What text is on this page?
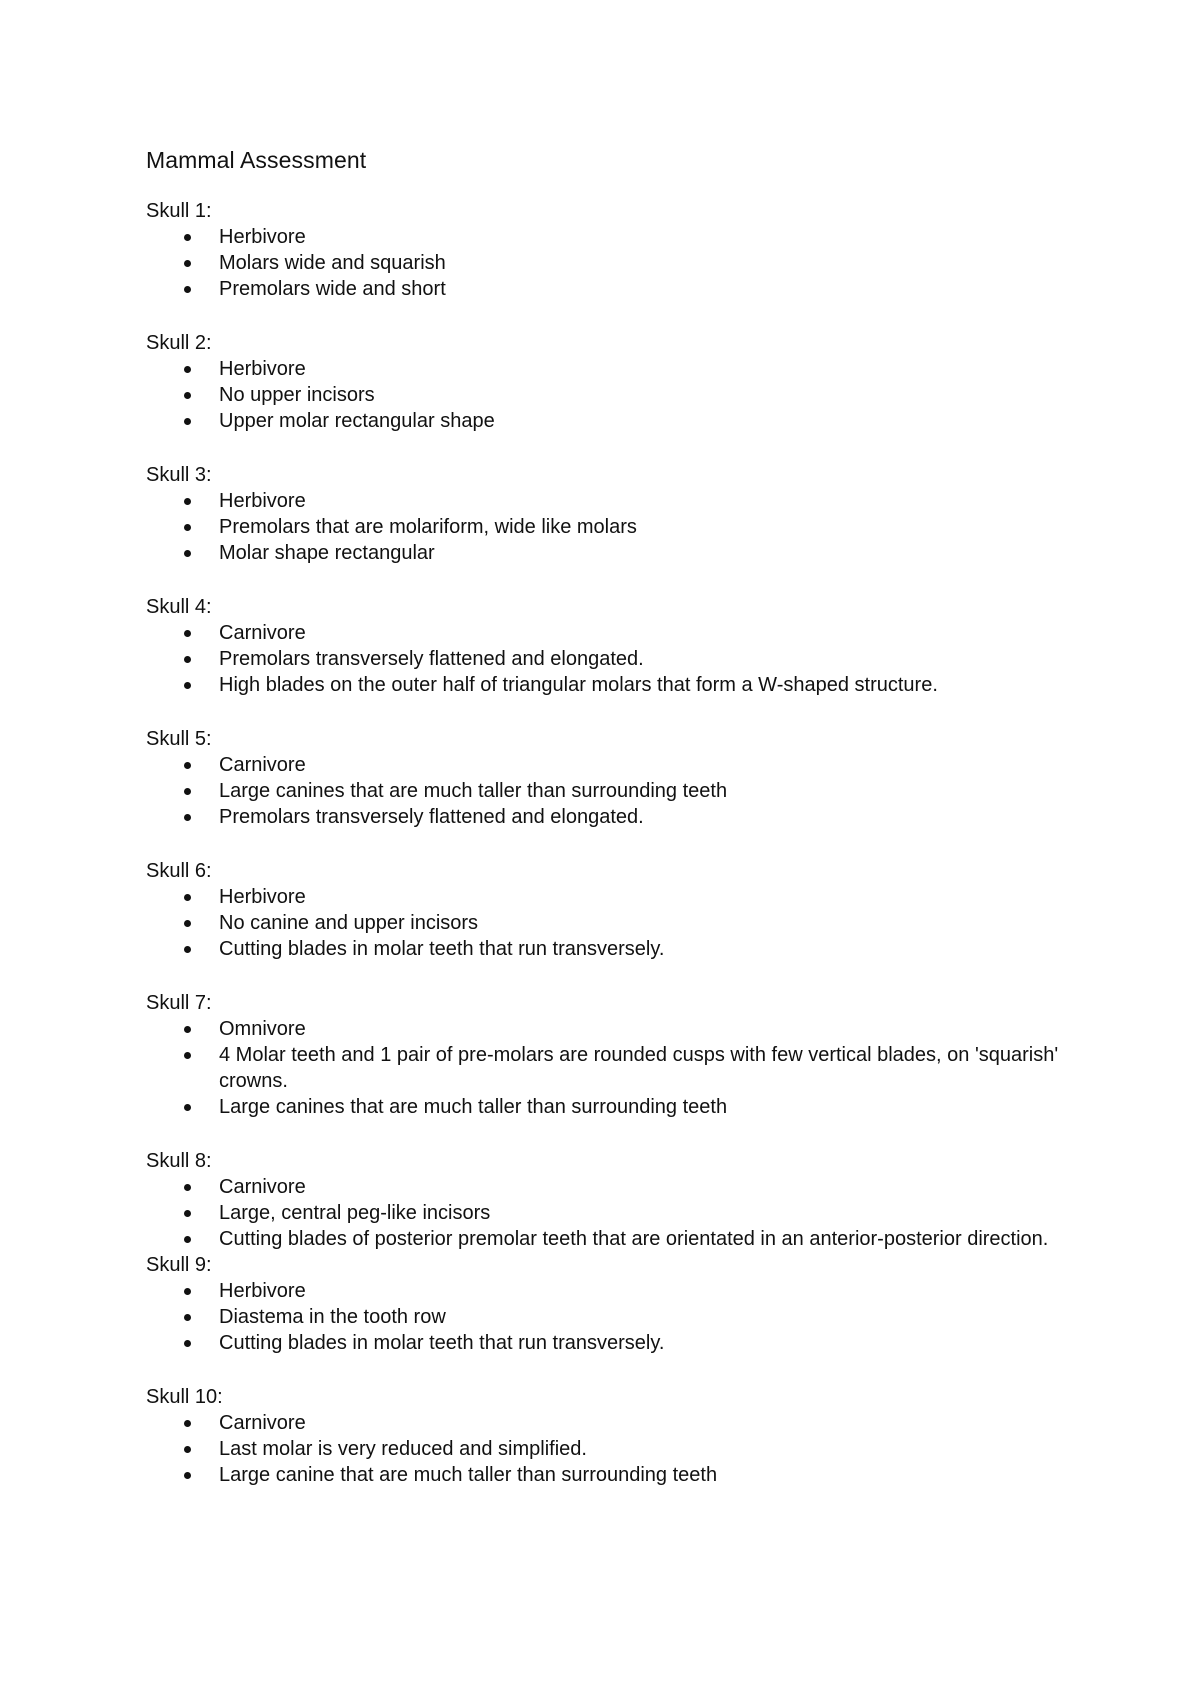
Mammal Assessment
Skull 1:
Herbivore
Molars wide and squarish
Premolars wide and short
Skull 2:
Herbivore
No upper incisors
Upper molar rectangular shape
Skull 3:
Herbivore
Premolars that are molariform, wide like molars
Molar shape rectangular
Skull 4:
Carnivore
Premolars transversely flattened and elongated.
High blades on the outer half of triangular molars that form a W-shaped structure.
Skull 5:
Carnivore
Large canines that are much taller than surrounding teeth
Premolars transversely flattened and elongated.
Skull 6:
Herbivore
No canine and upper incisors
Cutting blades in molar teeth that run transversely.
Skull 7:
Omnivore
4 Molar teeth and 1 pair of pre-molars are rounded cusps with few vertical blades, on 'squarish' crowns.
Large canines that are much taller than surrounding teeth
Skull 8:
Carnivore
Large, central peg-like incisors
Cutting blades of posterior premolar teeth that are orientated in an anterior-posterior direction.
Skull 9:
Herbivore
Diastema in the tooth row
Cutting blades in molar teeth that run transversely.
Skull 10:
Carnivore
Last molar is very reduced and simplified.
Large canine that are much taller than surrounding teeth
